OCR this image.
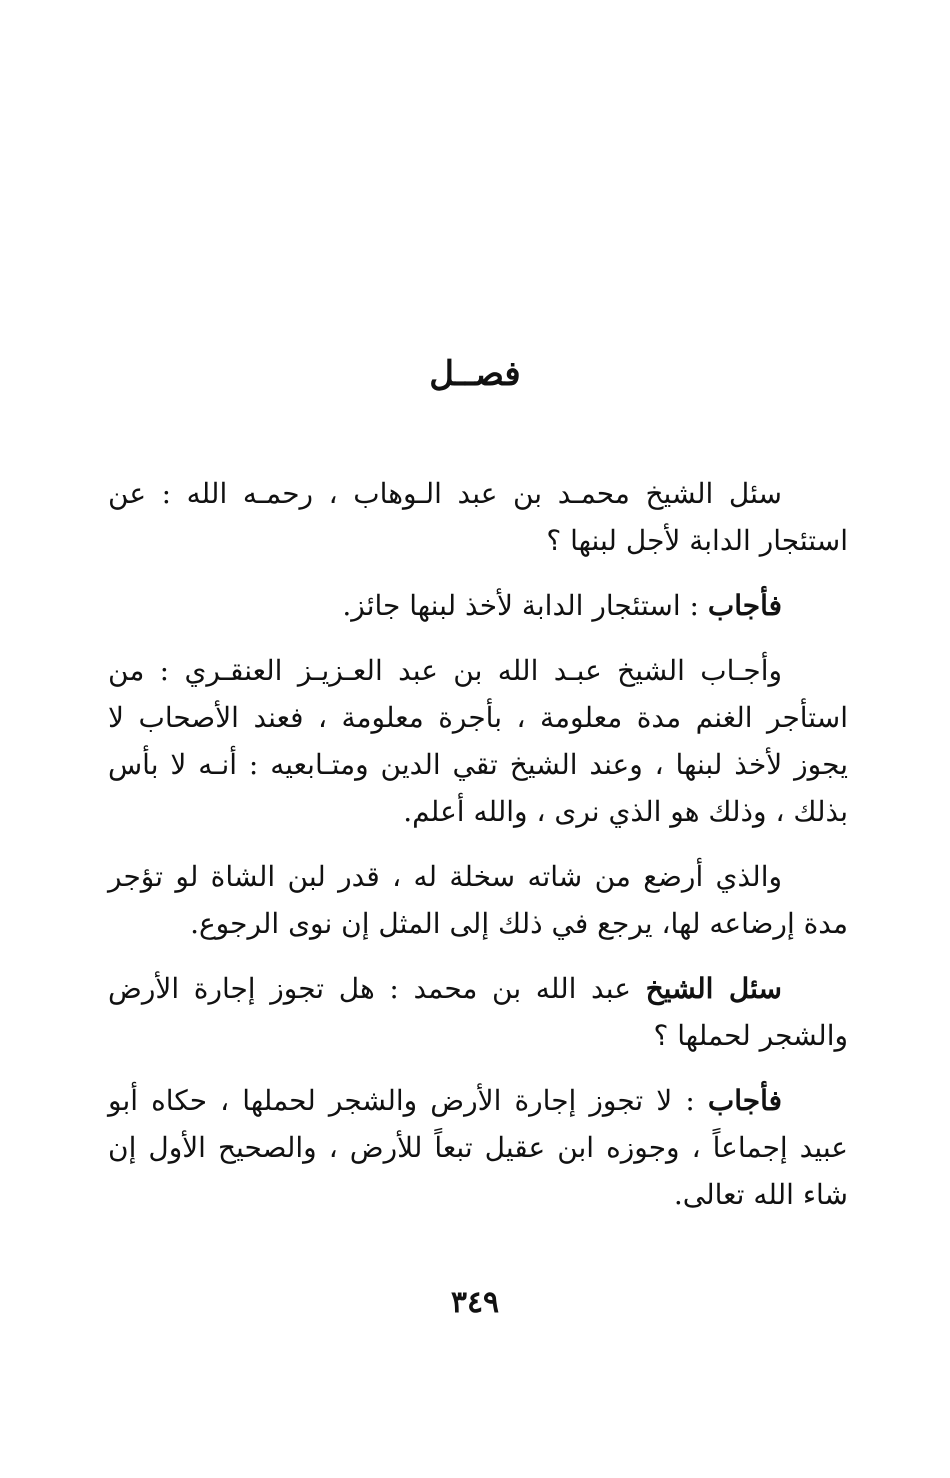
فصــل

سئل الشيخ محمـد بن عبد الـوهاب ، رحمـه الله : عن استئجار الدابة لأجل لبنها ؟

فأجاب : استئجار الدابة لأخذ لبنها جائز.

وأجـاب الشيخ عبـد الله بن عبد العـزيـز العنقـري : من استأجر الغنم مدة معلومة ، بأجرة معلومة ، فعند الأصحاب لا يجوز لأخذ لبنها ، وعند الشيخ تقي الدين ومتـابعيه : أنـه لا بأس بذلك ، وذلك هو الذي نرى ، والله أعلم.

والذي أرضع من شاته سخلة له ، قدر لبن الشاة لو تؤجر مدة إرضاعه لها، يرجع في ذلك إلى المثل إن نوى الرجوع.

سئل الشيخ عبد الله بن محمد : هل تجوز إجارة الأرض والشجر لحملها ؟

فأجاب : لا تجوز إجارة الأرض والشجر لحملها ، حكاه أبو عبيد إجماعاً ، وجوزه ابن عقيل تبعاً للأرض ، والصحيح الأول إن شاء الله تعالى.

٣٤٩
